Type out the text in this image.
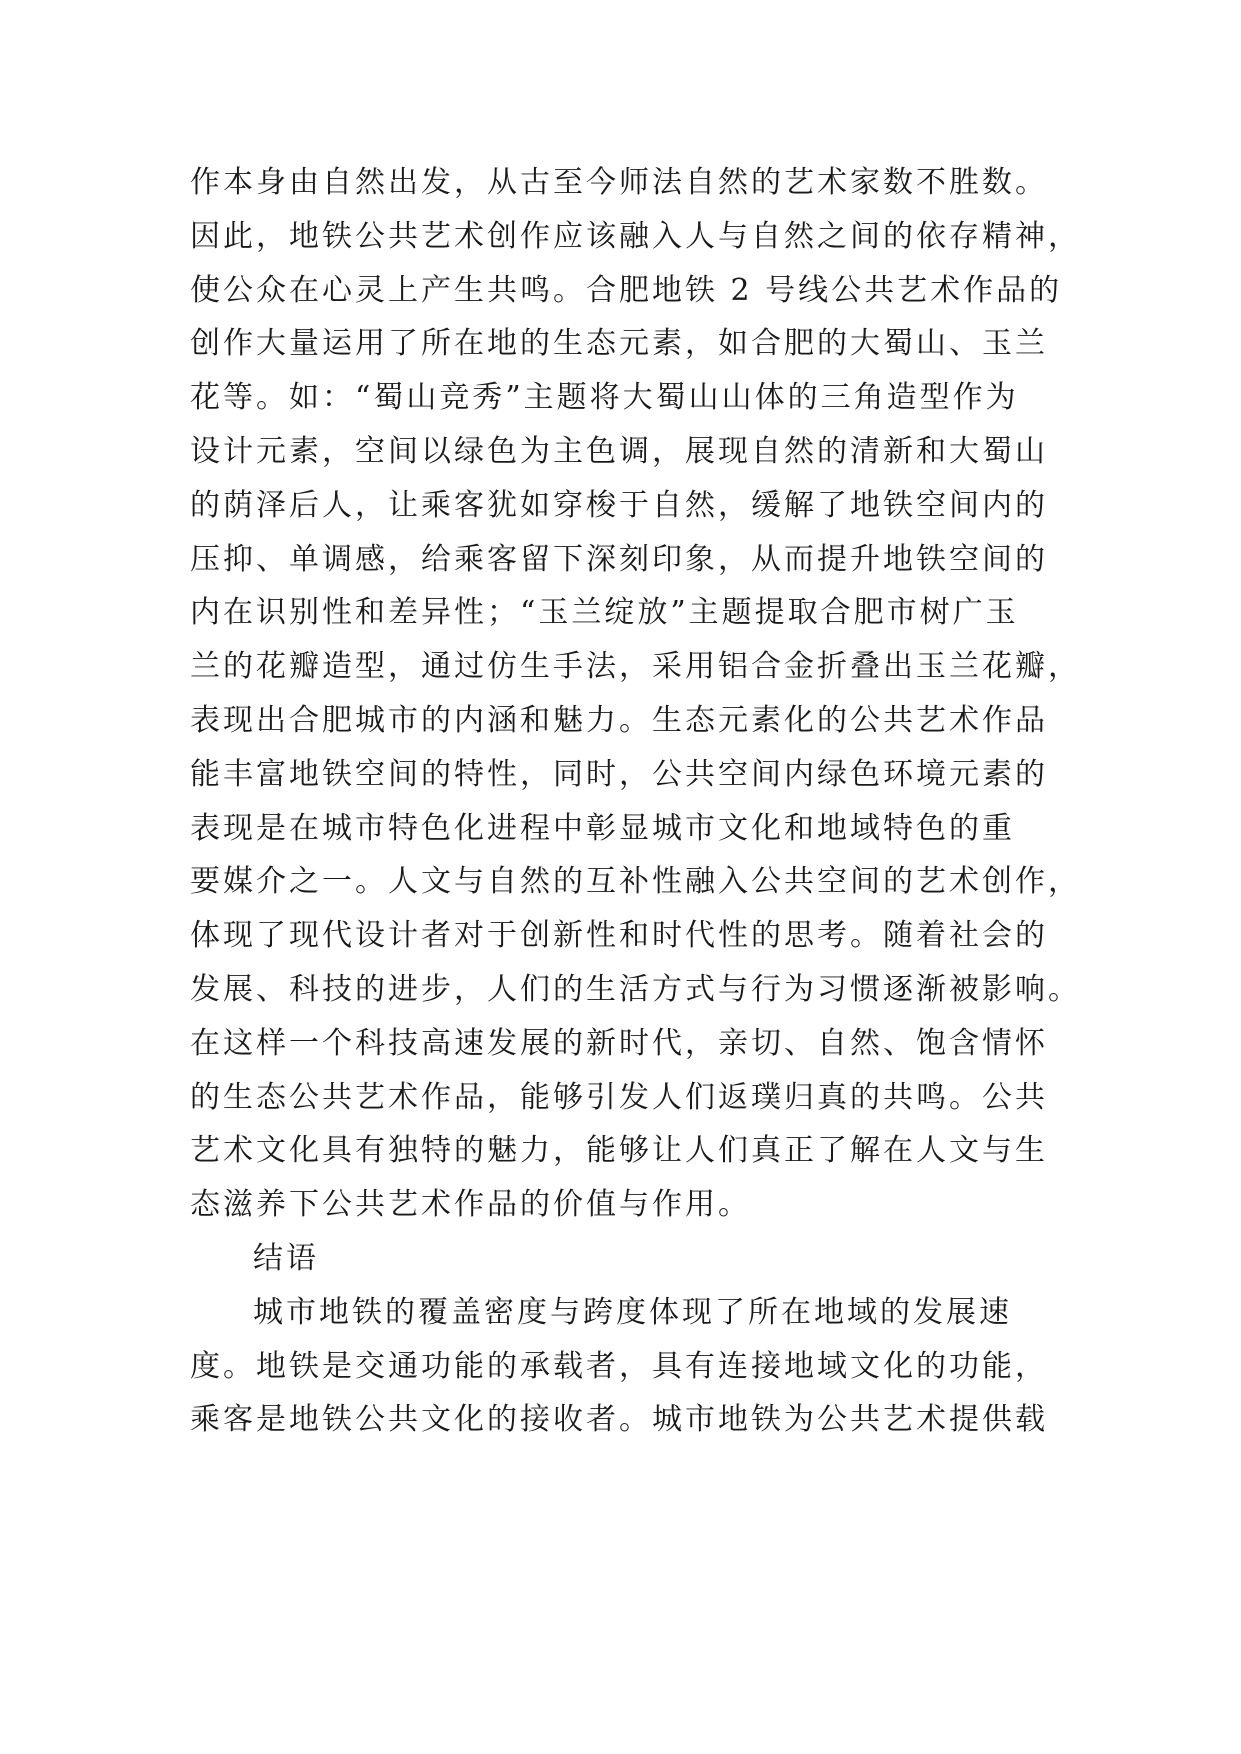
作本身由自然出发，从古至今师法自然的艺术家数不胜数。
因此，地铁公共艺术创作应该融入人与自然之间的依存精神，
使公众在心灵上产生共鸣。合肥地铁 2 号线公共艺术作品的
创作大量运用了所在地的生态元素，如合肥的大蜀山、玉兰
花等。如：“蜀山竞秀”主题将大蜀山山体的三角造型作为
设计元素，空间以绿色为主色调，展现自然的清新和大蜀山
的荫泽后人，让乘客犹如穿梭于自然，缓解了地铁空间内的
压抑、单调感，给乘客留下深刻印象，从而提升地铁空间的
内在识别性和差异性；“玉兰绽放”主题提取合肥市树广玉
兰的花瓣造型，通过仿生手法，采用铝合金折叠出玉兰花瓣，
表现出合肥城市的内涵和魅力。生态元素化的公共艺术作品
能丰富地铁空间的特性，同时，公共空间内绿色环境元素的
表现是在城市特色化进程中彰显城市文化和地域特色的重
要媒介之一。人文与自然的互补性融入公共空间的艺术创作，
体现了现代设计者对于创新性和时代性的思考。随着社会的
发展、科技的进步，人们的生活方式与行为习惯逐渐被影响。
在这样一个科技高速发展的新时代，亲切、自然、饱含情怀
的生态公共艺术作品，能够引发人们返璞归真的共鸣。公共
艺术文化具有独特的魅力，能够让人们真正了解在人文与生
态滋养下公共艺术作品的价值与作用。
结语
城市地铁的覆盖密度与跨度体现了所在地域的发展速
度。地铁是交通功能的承载者，具有连接地域文化的功能，
乘客是地铁公共文化的接收者。城市地铁为公共艺术提供载
